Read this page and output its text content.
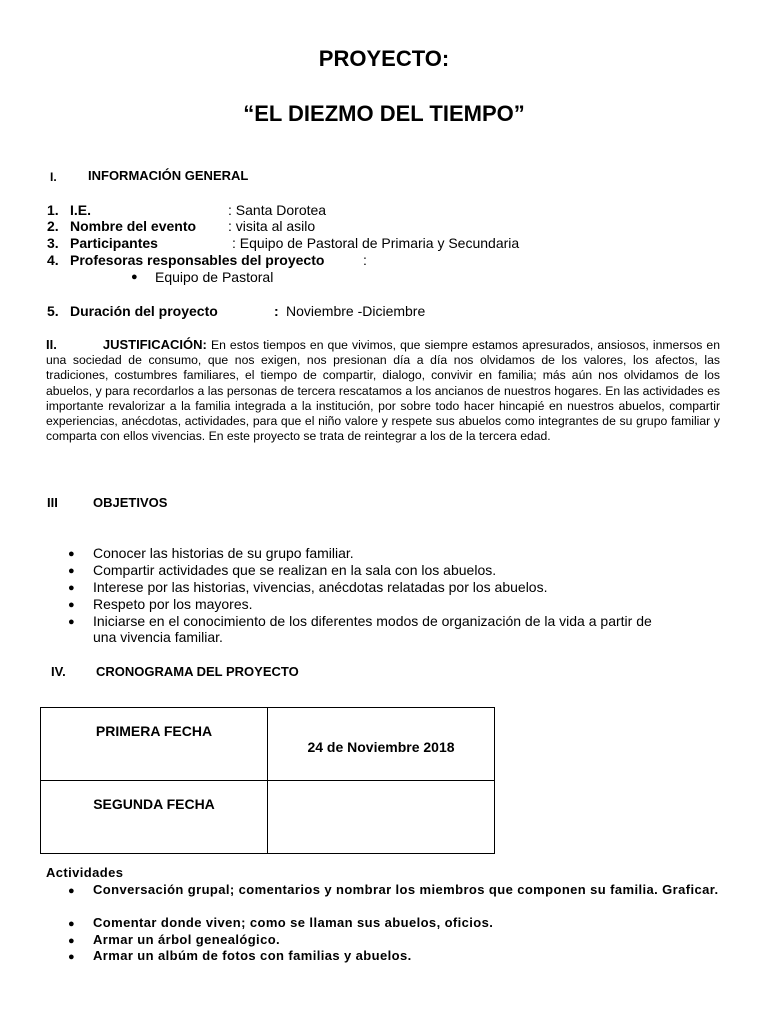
PROYECTO:
“EL DIEZMO DEL TIEMPO”
I. INFORMACIÓN GENERAL
1. I.E.	: Santa Dorotea
2. Nombre del evento : visita al asilo
3. Participantes	: Equipo de Pastoral de Primaria y Secundaria
4. Profesoras responsables del proyecto	:
● Equipo de Pastoral
5. Duración del proyecto	: Noviembre -Diciembre
II.	JUSTIFICACIÓN: En estos tiempos en que vivimos, que siempre estamos apresurados, ansiosos, inmersos en una sociedad de consumo, que nos exigen, nos presionan día a día nos olvidamos de los valores, los afectos, las tradiciones, costumbres familiares, el tiempo de compartir, dialogo, convivir en familia; más aún nos olvidamos de los abuelos, y para recordarlos a las personas de tercera rescatamos a los ancianos de nuestros hogares. En las actividades es importante revalorizar a la familia integrada a la institución, por sobre todo hacer hincapié en nuestros abuelos, compartir experiencias, anécdotas, actividades, para que el niño valore y respete sus abuelos como integrantes de su grupo familiar y comparta con ellos vivencias. En este proyecto se trata de reintegrar a los de la tercera edad.
III	OBJETIVOS
● Conocer las historias de su grupo familiar.
● Compartir actividades que se realizan en la sala con los abuelos.
● Interese por las historias, vivencias, anécdotas relatadas por los abuelos.
● Respeto por los mayores.
● Iniciarse en el conocimiento de los diferentes modos de organización de la vida a partir de
una vivencia familiar.
IV. CRONOGRAMA DEL PROYECTO
PRIMERA FECHA	24 de Noviembre 2018

SEGUNDA FECHA	

Actividades
● Conversación grupal; comentarios y nombrar los miembros que componen su familia. Graficar.
● Comentar donde viven; como se llaman sus abuelos, oficios.
● Armar un árbol genealógico.
● Armar un albúm de fotos con familias y abuelos.
